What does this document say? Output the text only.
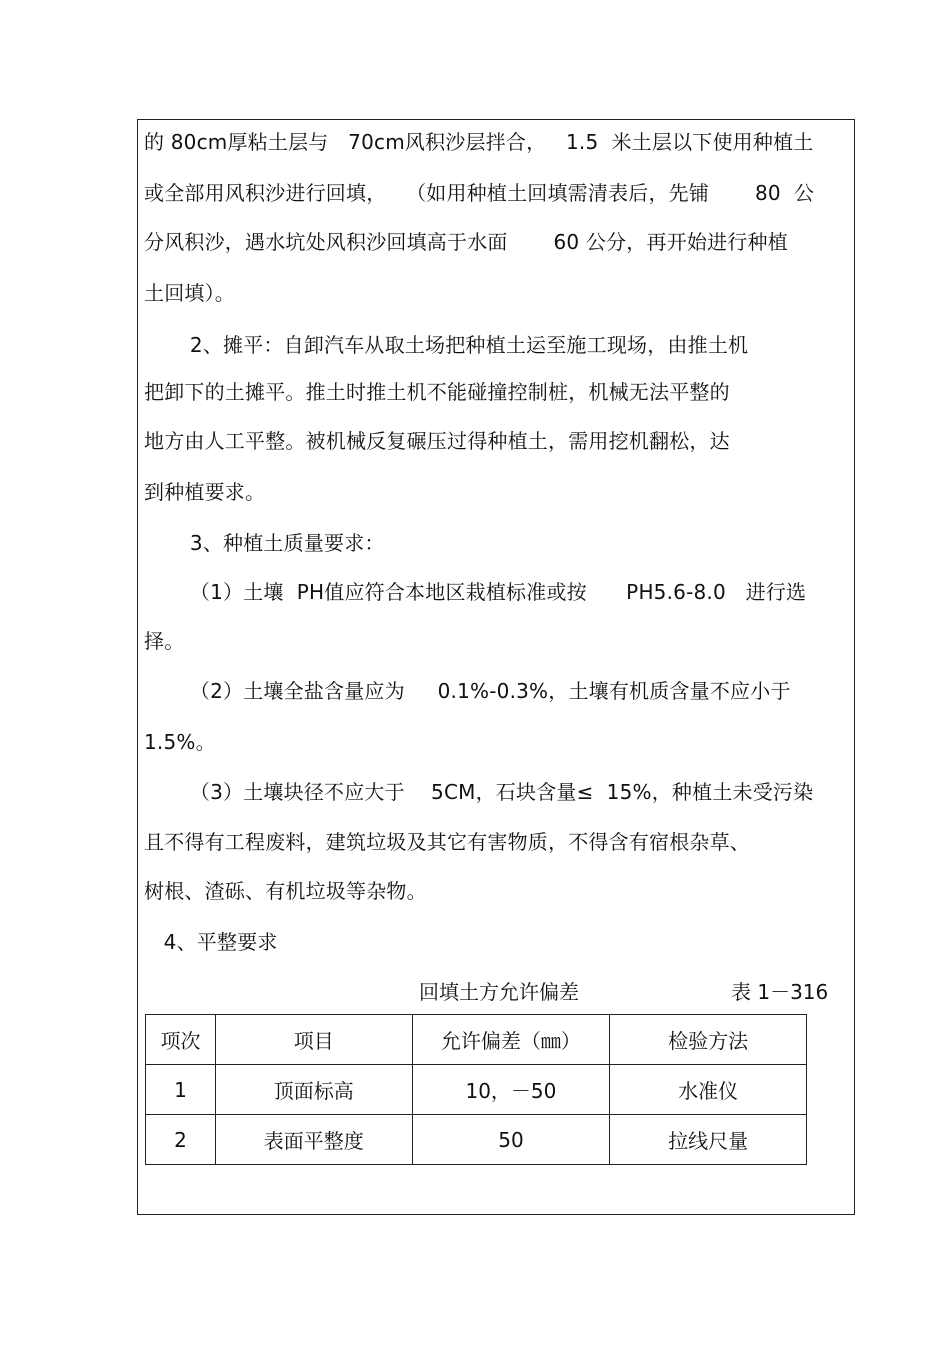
的 80cm厚粘土层与   70cm风积沙层拌合，   1.5  米土层以下使用种植土
或全部用风积沙进行回填，   （如用种植土回填需清表后，先铺       80  公
分风积沙，遇水坑处风积沙回填高于水面       60 公分，再开始进行种植
土回填）。
2、摊平：自卸汽车从取土场把种植土运至施工现场，由推土机
把卸下的土摊平。推土时推土机不能碰撞控制桩，机械无法平整的
地方由人工平整。被机械反复碾压过得种植土，需用挖机翻松，达
到种植要求。
3、种植土质量要求：
（1）土壤  PH值应符合本地区栽植标准或按      PH5.6-8.0   进行选
择。
（2）土壤全盐含量应为     0.1%-0.3%，土壤有机质含量不应小于
1.5%。
（3）土壤块径不应大于    5CM，石块含量≤  15%，种植土未受污染
且不得有工程废料，建筑垃圾及其它有害物质，不得含有宿根杂草、
树根、渣砾、有机垃圾等杂物。
4、平整要求
回填土方允许偏差	表 1－316
项次	项目	允许偏差（㎜）	检验方法
1	顶面标高	10，－50	水准仪
2	表面平整度	50	拉线尺量
